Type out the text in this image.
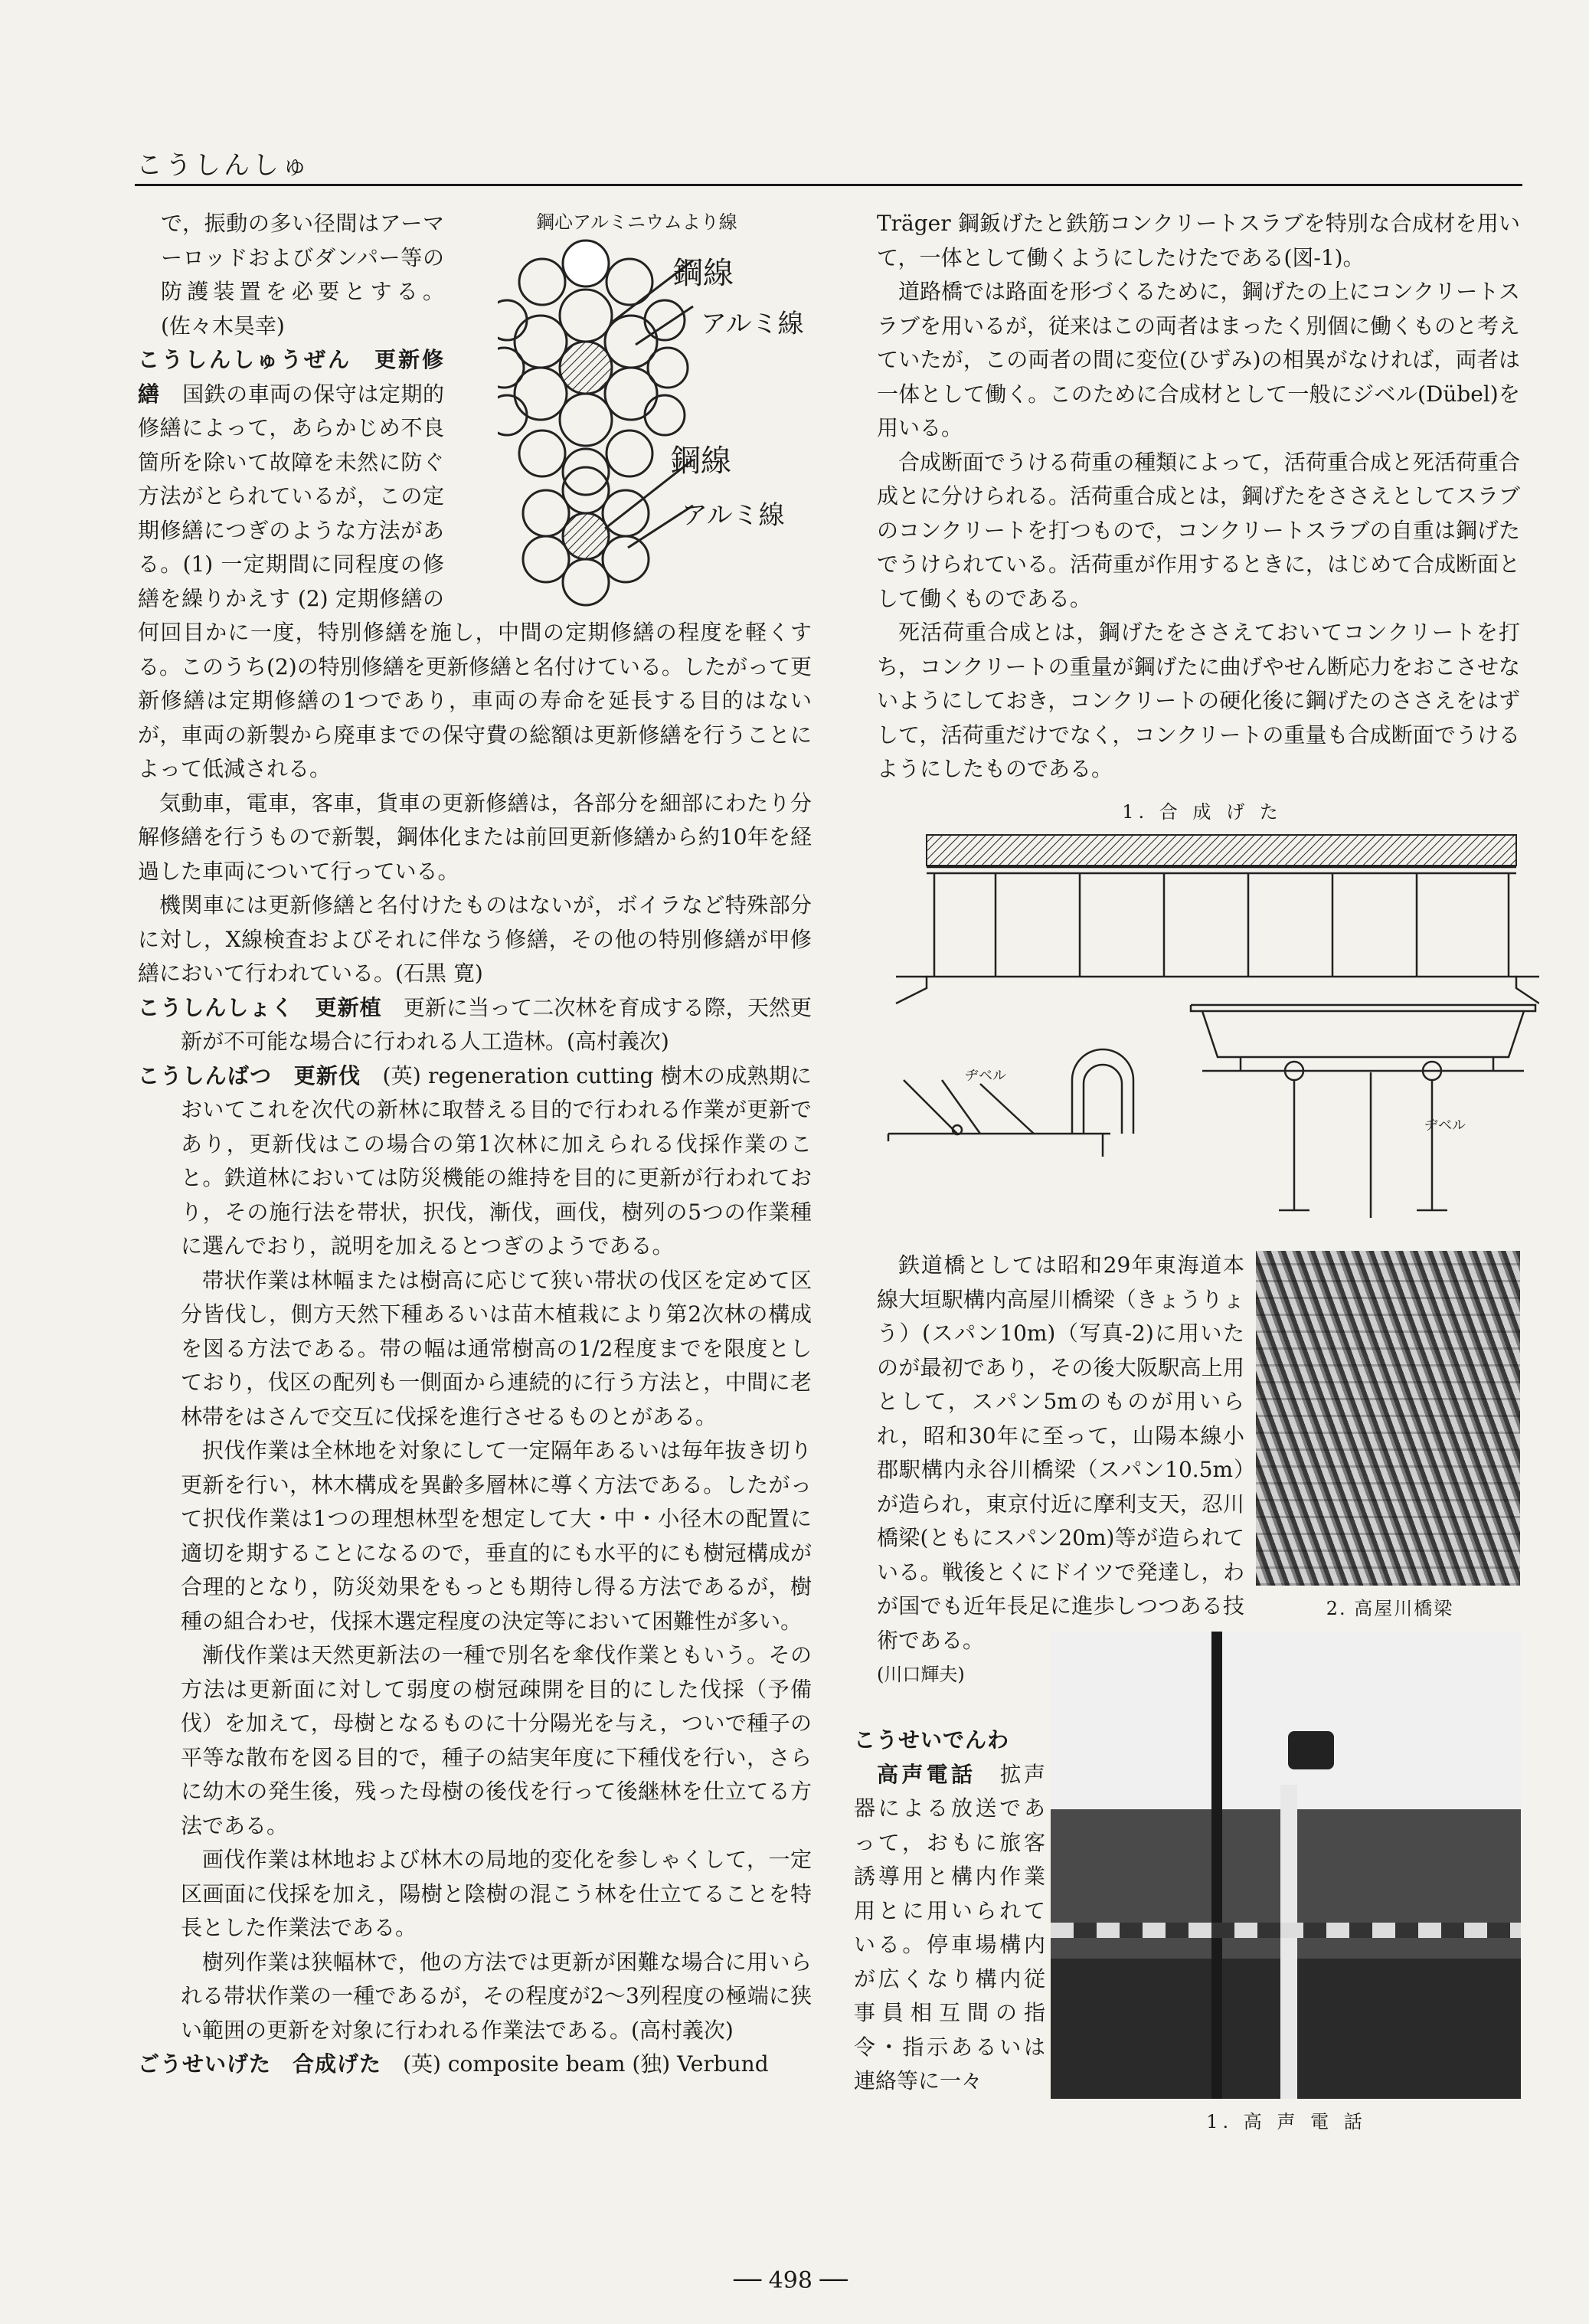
こうしんしゅ
鋼心アルミニウムより線
鋼線
アルミ線
鋼線
アルミ線

で，振動の多い径間はアーマーロッドおよびダンパー等の防護装置を必要とする。(佐々木昊幸)

こうしんしゅうぜん　 更新修繕　 国鉄の車両の保守は定期的修繕によって，あらかじめ不良箇所を除いて故障を未然に防ぐ方法がとられているが，この定期修繕につぎのような方法がある。(1) 一定期間に同程度の修繕を繰りかえす (2) 定期修繕の何回目かに一度，特別修繕を施し，中間の定期修繕の程度を軽くする。このうち(2)の特別修繕を更新修繕と名付けている。したがって更新修繕は定期修繕の1つであり，車両の寿命を延長する目的はないが，車両の新製から廃車までの保守費の総額は更新修繕を行うことによって低減される。

気動車，電車，客車，貨車の更新修繕は，各部分を細部にわたり分解修繕を行うもので新製，鋼体化または前回更新修繕から約10年を経過した車両について行っている。

機関車には更新修繕と名付けたものはないが，ボイラなど特殊部分に対し，X線検査およびそれに伴なう修繕，その他の特別修繕が甲修繕において行われている。(石黒 寛)

こうしんしょく　 更新植　 更新に当って二次林を育成する際，天然更新が不可能な場合に行われる人工造林。(高村義次)

こうしんばつ　 更新伐　 (英) regeneration cutting 樹木の成熟期においてこれを次代の新林に取替える目的で行われる作業が更新であり，更新伐はこの場合の第1次林に加えられる伐採作業のこと。鉄道林においては防災機能の維持を目的に更新が行われており，その施行法を帯状，択伐，漸伐，画伐，樹列の5つの作業種に選んでおり，説明を加えるとつぎのようである。

帯状作業は林幅または樹高に応じて狭い帯状の伐区を定めて区分皆伐し，側方天然下種あるいは苗木植栽により第2次林の構成を図る方法である。帯の幅は通常樹高の1/2程度までを限度としており，伐区の配列も一側面から連続的に行う方法と，中間に老林帯をはさんで交互に伐採を進行させるものとがある。

択伐作業は全林地を対象にして一定隔年あるいは毎年抜き切り更新を行い，林木構成を異齢多層林に導く方法である。したがって択伐作業は1つの理想林型を想定して大・中・小径木の配置に適切を期することになるので，垂直的にも水平的にも樹冠構成が合理的となり，防災効果をもっとも期待し得る方法であるが，樹種の組合わせ，伐採木選定程度の決定等において困難性が多い。

漸伐作業は天然更新法の一種で別名を傘伐作業ともいう。その方法は更新面に対して弱度の樹冠疎開を目的にした伐採（予備伐）を加えて，母樹となるものに十分陽光を与え，ついで種子の平等な散布を図る目的で，種子の結実年度に下種伐を行い，さらに幼木の発生後，残った母樹の後伐を行って後継林を仕立てる方法である。

画伐作業は林地および林木の局地的変化を参しゃくして，一定区画面に伐採を加え，陽樹と陰樹の混こう林を仕立てることを特長とした作業法である。

樹列作業は狭幅林で，他の方法では更新が困難な場合に用いられる帯状作業の一種であるが，その程度が2〜3列程度の極端に狭い範囲の更新を対象に行われる作業法である。(高村義次)

ごうせいげた　 合成げた　 (英) composite beam (独) Verbund

Träger 鋼鈑げたと鉄筋コンクリートスラブを特別な合成材を用いて，一体として働くようにしたけたである(図-1)。

道路橋では路面を形づくるために，鋼げたの上にコンクリートスラブを用いるが，従来はこの両者はまったく別個に働くものと考えていたが，この両者の間に変位(ひずみ)の相異がなければ，両者は一体として働く。このために合成材として一般にジベル(Dübel)を用いる。

合成断面でうける荷重の種類によって，活荷重合成と死活荷重合成とに分けられる。活荷重合成とは，鋼げたをささえとしてスラブのコンクリートを打つもので，コンクリートスラブの自重は鋼げたでうけられている。活荷重が作用するときに，はじめて合成断面として働くものである。

死活荷重合成とは，鋼げたをささえておいてコンクリートを打ち，コンクリートの重量が鋼げたに曲げやせん断応力をおこさせないようにしておき，コンクリートの硬化後に鋼げたのささえをはずして，活荷重だけでなく，コンクリートの重量も合成断面でうけるようにしたものである。

1. 合 成 げ た
ヂベル
ヂベル
2. 高屋川橋梁

鉄道橋としては昭和29年東海道本線大垣駅構内高屋川橋梁（きょうりょう）(スパン10m)（写真-2)に用いたのが最初であり，その後大阪駅高上用として，スパン5mのものが用いられ，昭和30年に至って，山陽本線小郡駅構内永谷川橋梁（スパン10.5m）が造られ，東京付近に摩利支天，忍川橋梁(ともにスパン20m)等が造られている。戦後とくにドイツで発達し，わが国でも近年長足に進歩しつつある技術である。

(川口輝夫)

1. 高 声 電 話

こうせいでんわ
高声電話　 拡声器による放送であって，おもに旅客誘導用と構内作業用とに用いられている。停車場構内が広くなり構内従事員相互間の指令・指示あるいは連絡等に一々

── 498 ──
